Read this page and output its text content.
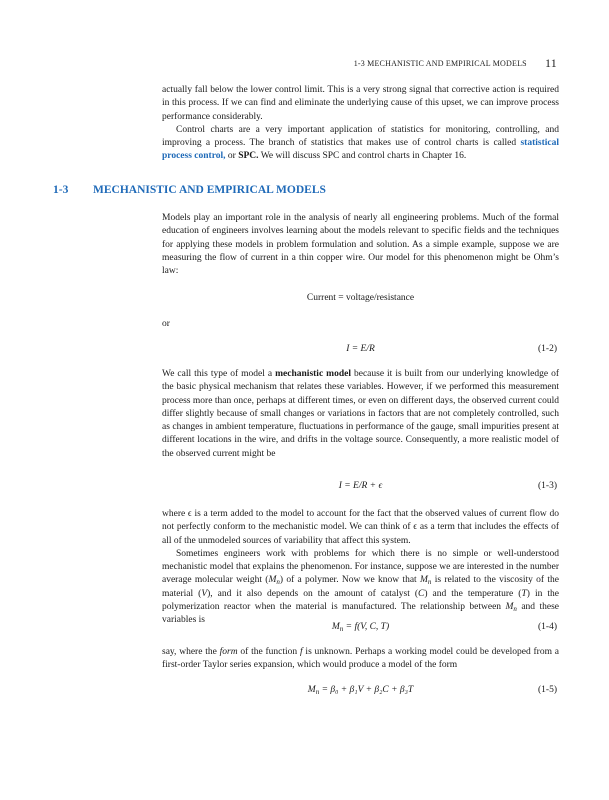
1-3 MECHANISTIC AND EMPIRICAL MODELS 11

actually fall below the lower control limit. This is a very strong signal that corrective action is required in this process. If we can find and eliminate the underlying cause of this upset, we can improve process performance considerably.

Control charts are a very important application of statistics for monitoring, controlling, and improving a process. The branch of statistics that makes use of control charts is called statistical process control, or SPC. We will discuss SPC and control charts in Chapter 16.

1-3 MECHANISTIC AND EMPIRICAL MODELS
Models play an important role in the analysis of nearly all engineering problems. Much of the formal education of engineers involves learning about the models relevant to specific fields and the techniques for applying these models in problem formulation and solution. As a simple example, suppose we are measuring the flow of current in a thin copper wire. Our model for this phenomenon might be Ohm’s law:
Current = voltage/resistance
or
I = E/R	(1-2)
We call this type of model a mechanistic model because it is built from our underlying knowledge of the basic physical mechanism that relates these variables. However, if we performed this measurement process more than once, perhaps at different times, or even on different days, the observed current could differ slightly because of small changes or variations in factors that are not completely controlled, such as changes in ambient temperature, fluctuations in performance of the gauge, small impurities present at different locations in the wire, and drifts in the voltage source. Consequently, a more realistic model of the observed current might be
I = E/R + ϵ	(1-3)

where ϵ is a term added to the model to account for the fact that the observed values of current flow do not perfectly conform to the mechanistic model. We can think of ϵ as a term that includes the effects of all of the unmodeled sources of variability that affect this system.

Sometimes engineers work with problems for which there is no simple or well-understood mechanistic model that explains the phenomenon. For instance, suppose we are interested in the number average molecular weight $(M_n)$ of a polymer. Now we know that $M_n$ is related to the viscosity of the material (V), and it also depends on the amount of catalyst (C) and the temperature (T) in the polymerization reactor when the material is manufactured. The relationship between $M_n$ and these variables is

$M_n = f(V$, C, T)	(1-4)
say, where the form of the function f is unknown. Perhaps a working model could be developed from a first-order Taylor series expansion, which would produce a model of the form
$M_n = \beta_0 + \beta_1V + \beta_2C + \beta_3T$	(1-5)
